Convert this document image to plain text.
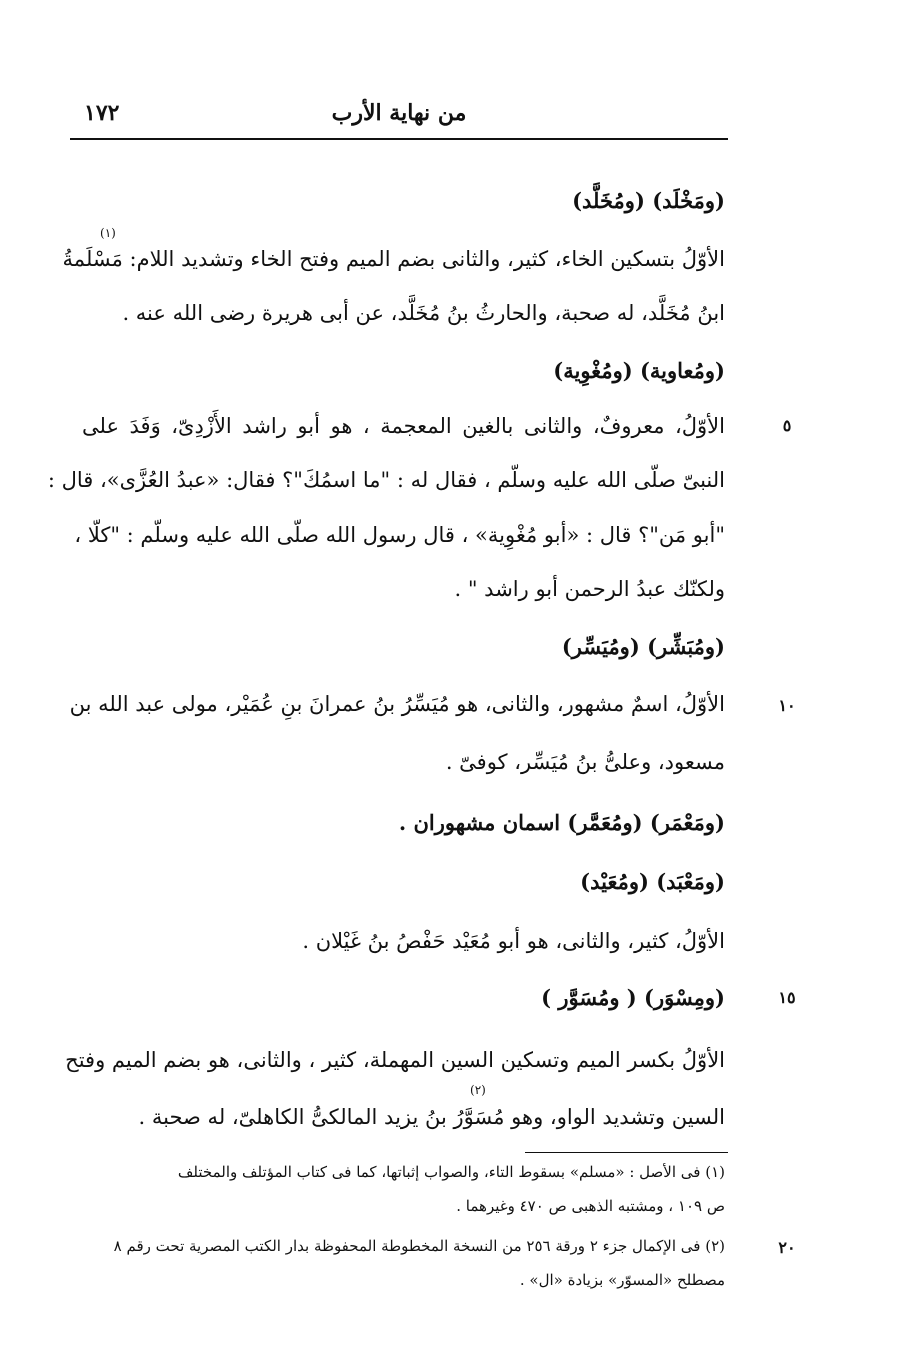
من نهاية الأرب
١٧٢
(ومَخْلَد) (ومُخَلَّد)
الأوّلُ بتسكين الخاء، كثير، والثانى بضم الميم وفتح الخاء وتشديد اللام: مَسْلَمةُ
ابنُ مُخَلَّد، له صحبة، والحارثُ بنُ مُخَلَّد، عن أبى هريرة رضى الله عنه .
(ومُعاوية) (ومُغْوِية)
٥
الأوّلُ، معروفٌ، والثانى بالغين المعجمة ، هو أبو راشد الأَزْدِىّ، وَفَدَ على
النبىّ صلّى الله عليه وسلّم ، فقال له : "ما اسمُكَ"؟ فقال: «عبدُ العُزَّى»، قال :
"أبو مَن"؟ قال : «أبو مُغْوِية» ، قال رسول الله صلّى الله عليه وسلّم : "كلّا ،
ولكنّك عبدُ الرحمن أبو راشد " .
(ومُبَشِّر) (ومُيَسِّر)
١٠
الأوّلُ، اسمٌ مشهور، والثانى، هو مُيَسِّرُ بنُ عمرانَ بنِ عُمَيْر، مولى عبد الله بن
مسعود، وعلىُّ بنُ مُيَسِّر، كوفىّ .
(ومَعْمَر) (ومُعَمَّر) اسمان مشهوران .
(ومَعْبَد) (ومُعَيْد)
الأوّلُ، كثير، والثانى، هو أبو مُعَيْد حَفْصُ بنُ غَيْلان .
١٥
(ومِسْوَر) ( ومُسَوَّر )
الأوّلُ بكسر الميم وتسكين السين المهملة، كثير ، والثانى، هو بضم الميم وفتح
السين وتشديد الواو، وهو مُسَوَّرُ بنُ يزيد المالكىُّ الكاهلىّ، له صحبة .
(١) فى الأصل : «مسلم» بسقوط التاء، والصواب إثباتها، كما فى كتاب المؤتلف والمختلف
ص ١٠٩ ، ومشتبه الذهبى ص ٤٧٠ وغيرهما .
٢٠
(٢) فى الإكمال جزء ٢ ورقة ٢٥٦ من النسخة المخطوطة المحفوظة بدار الكتب المصرية تحت رقم ٨
مصطلح «المسوّر» بزيادة «ال» .
(١)
(٢)
